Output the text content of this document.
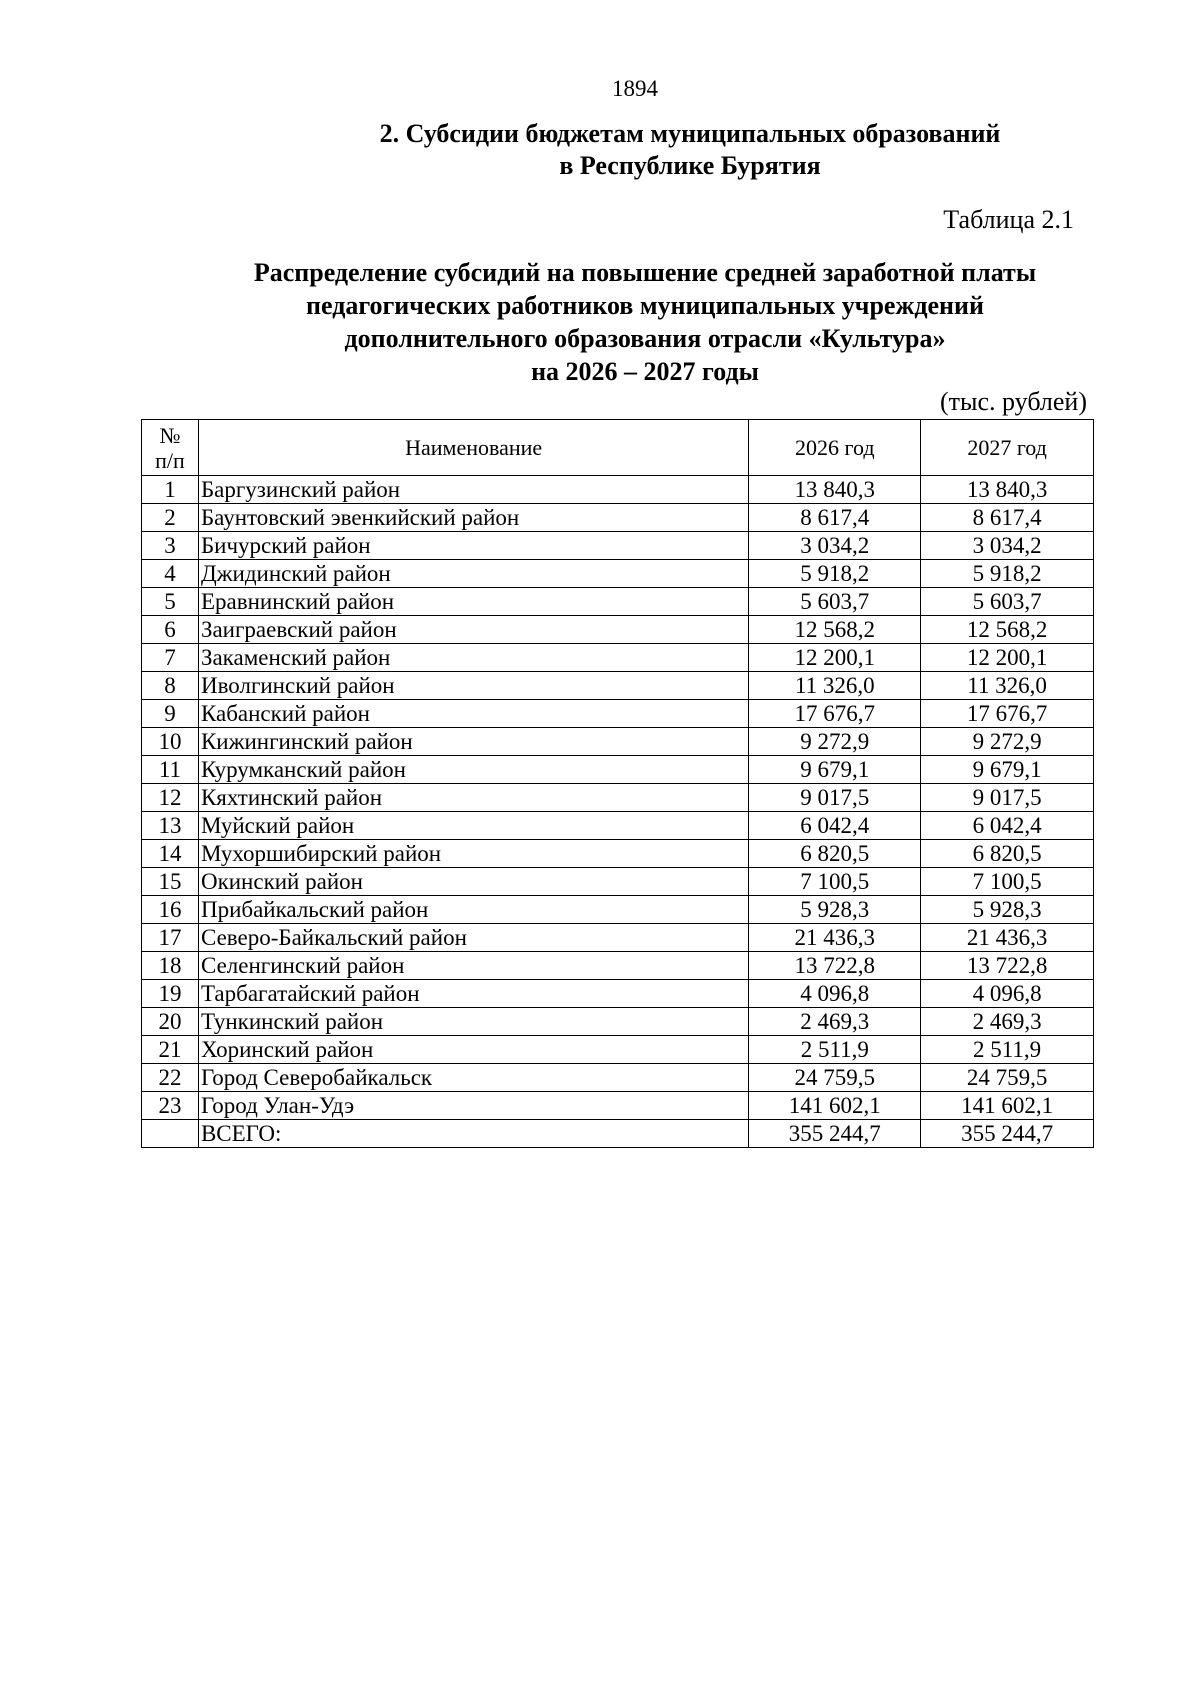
1894
2. Субсидии бюджетам муниципальных образований
в Республике Бурятия
Таблица 2.1
Распределение субсидий на повышение средней заработной платы
педагогических работников муниципальных учреждений
дополнительного образования отрасли «Культура»
на 2026 – 2027 годы
(тыс. рублей)
№
п/п	Наименование	2026 год	2027 год
1	Баргузинский район	13 840,3	13 840,3
2	Баунтовский эвенкийский район	8 617,4	8 617,4
3	Бичурский район	3 034,2	3 034,2
4	Джидинский район	5 918,2	5 918,2
5	Еравнинский район	5 603,7	5 603,7
6	Заиграевский район	12 568,2	12 568,2
7	Закаменский район	12 200,1	12 200,1
8	Иволгинский район	11 326,0	11 326,0
9	Кабанский район	17 676,7	17 676,7
10	Кижингинский район	9 272,9	9 272,9
11	Курумканский район	9 679,1	9 679,1
12	Кяхтинский район	9 017,5	9 017,5
13	Муйский район	6 042,4	6 042,4
14	Мухоршибирский район	6 820,5	6 820,5
15	Окинский район	7 100,5	7 100,5
16	Прибайкальский район	5 928,3	5 928,3
17	Северо-Байкальский район	21 436,3	21 436,3
18	Селенгинский район	13 722,8	13 722,8
19	Тарбагатайский район	4 096,8	4 096,8
20	Тункинский район	2 469,3	2 469,3
21	Хоринский район	2 511,9	2 511,9
22	Город Северобайкальск	24 759,5	24 759,5
23	Город Улан-Удэ	141 602,1	141 602,1
	ВСЕГО:	355 244,7	355 244,7
